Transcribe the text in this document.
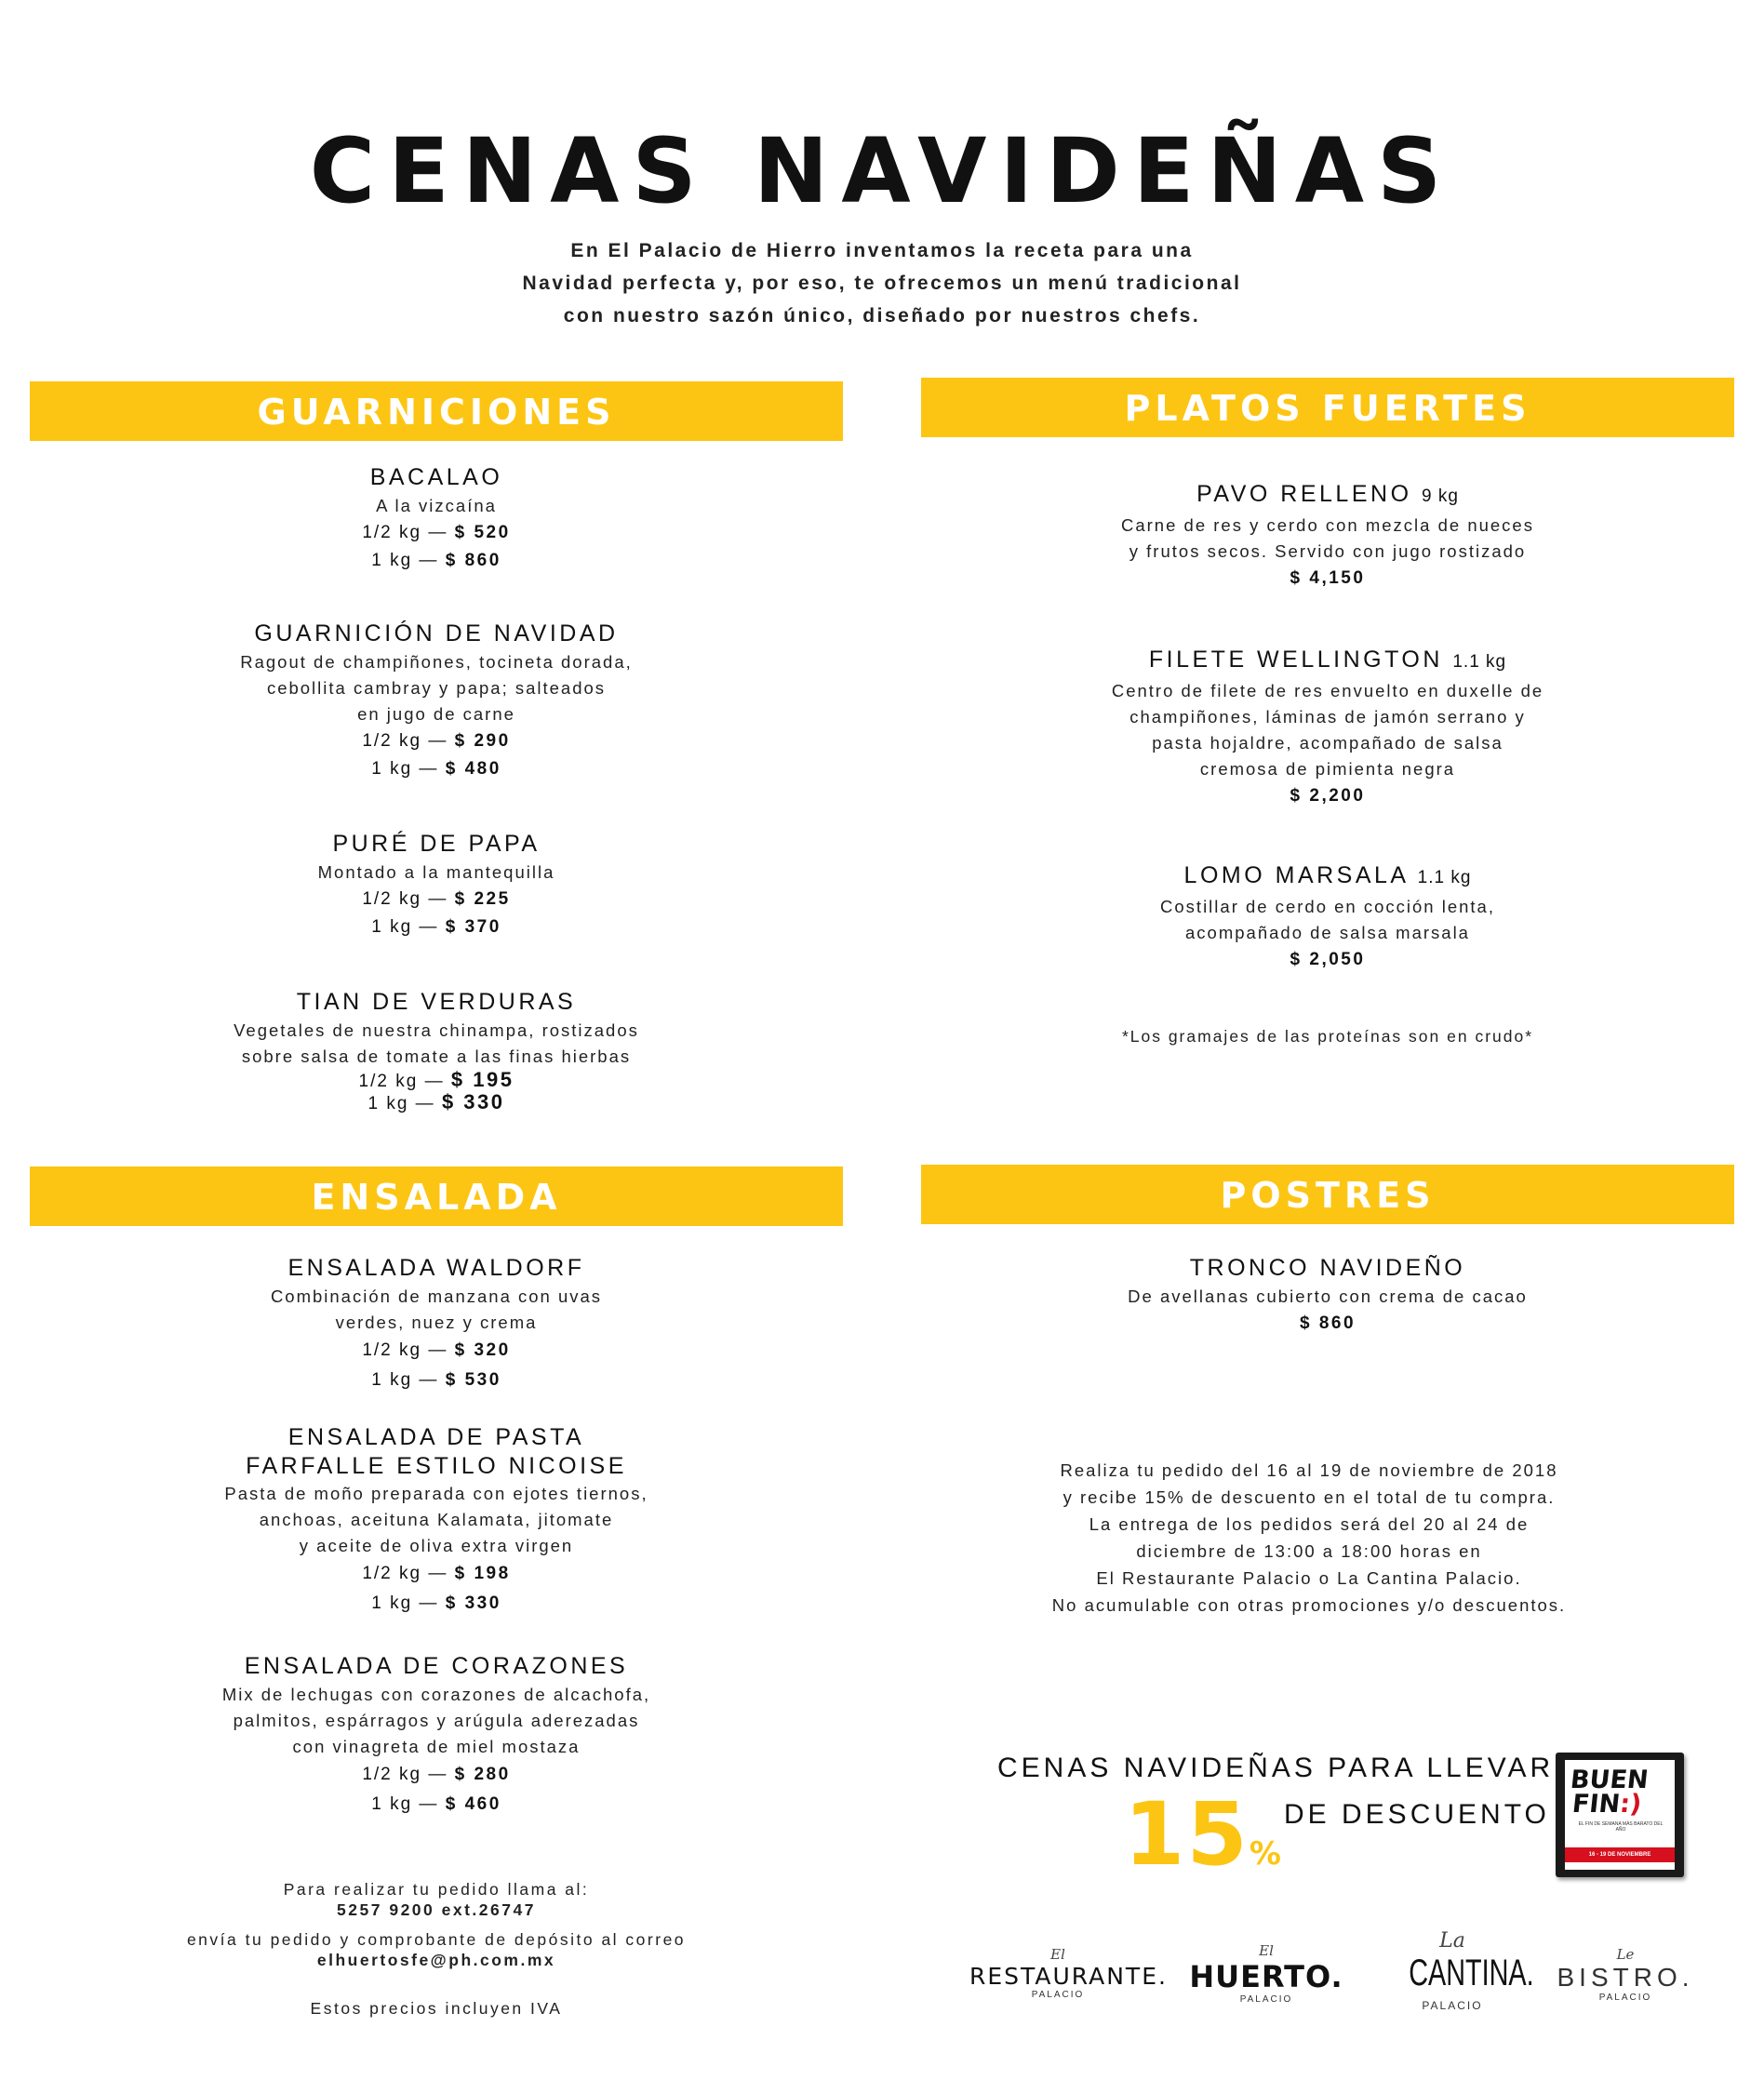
CENAS NAVIDEÑAS
En El Palacio de Hierro inventamos la receta para una
Navidad perfecta y, por eso, te ofrecemos un menú tradicional
con nuestro sazón único, diseñado por nuestros chefs.
GUARNICIONES
BACALAO
A la vizcaína
1/2 kg — $ 520
1 kg — $ 860
GUARNICIÓN DE NAVIDAD
Ragout de champiñones, tocineta dorada,
cebollita cambray y papa; salteados
en jugo de carne
1/2 kg — $ 290
1 kg — $ 480
PURÉ DE PAPA
Montado a la mantequilla
1/2 kg — $ 225
1 kg — $ 370
TIAN DE VERDURAS
Vegetales de nuestra chinampa, rostizados
sobre salsa de tomate a las finas hierbas
1/2 kg — $ 195
1 kg — $ 330
PLATOS FUERTES
PAVO RELLENO 9 kg
Carne de res y cerdo con mezcla de nueces
y frutos secos. Servido con jugo rostizado
$ 4,150
FILETE WELLINGTON 1.1 kg
Centro de filete de res envuelto en duxelle de
champiñones, láminas de jamón serrano y
pasta hojaldre, acompañado de salsa
cremosa de pimienta negra
$ 2,200
LOMO MARSALA 1.1 kg
Costillar de cerdo en cocción lenta,
acompañado de salsa marsala
$ 2,050
*Los gramajes de las proteínas son en crudo*
ENSALADA
ENSALADA WALDORF
Combinación de manzana con uvas
verdes, nuez y crema
1/2 kg — $ 320
1 kg — $ 530
ENSALADA DE PASTA
FARFALLE ESTILO NICOISE
Pasta de moño preparada con ejotes tiernos,
anchoas, aceituna Kalamata, jitomate
y aceite de oliva extra virgen
1/2 kg — $ 198
1 kg — $ 330
ENSALADA DE CORAZONES
Mix de lechugas con corazones de alcachofa,
palmitos, espárragos y arúgula aderezadas
con vinagreta de miel mostaza
1/2 kg — $ 280
1 kg — $ 460
Para realizar tu pedido llama al:
5257 9200 ext.26747
envía tu pedido y comprobante de depósito al correo
elhuertosfe@ph.com.mx
Estos precios incluyen IVA
POSTRES
TRONCO NAVIDEÑO
De avellanas cubierto con crema de cacao
$ 860
Realiza tu pedido del 16 al 19 de noviembre de 2018
y recibe 15% de descuento en el total de tu compra.
La entrega de los pedidos será del 20 al 24 de
diciembre de 13:00 a 18:00 horas en
El Restaurante Palacio o La Cantina Palacio.
No acumulable con otras promociones y/o descuentos.
CENAS NAVIDEÑAS PARA LLEVAR
15%
DE DESCUENTO
BUEN
FIN:)
EL FIN DE SEMANA MÁS BARATO DEL AÑO
16 - 19 DE NOVIEMBRE
El
RESTAURANTE.
PALACIO
El
HUERTO.
PALACIO
La
CANTINA.
PALACIO
Le
BISTRO.
PALACIO
